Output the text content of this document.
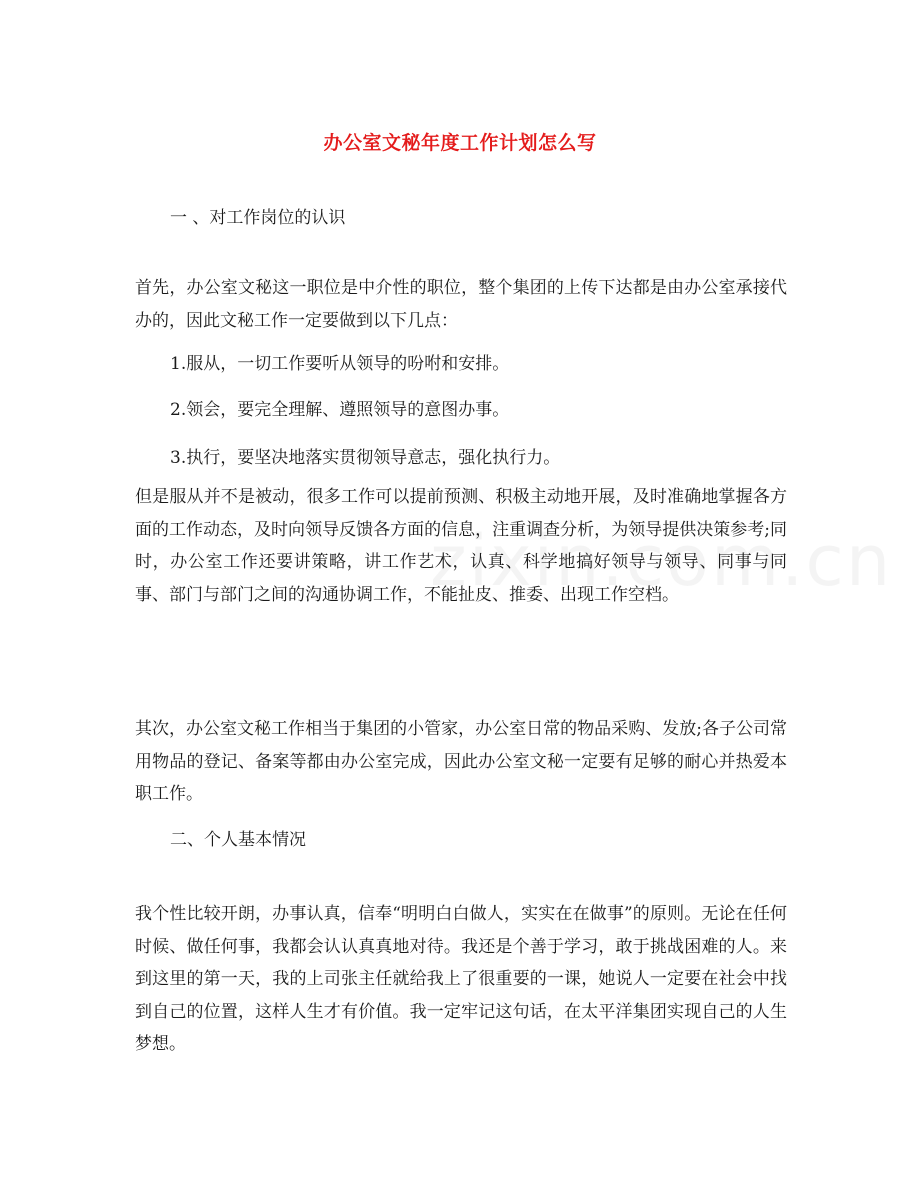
办公室文秘年度工作计划怎么写
一 、对工作岗位的认识
首先，办公室文秘这一职位是中介性的职位，整个集团的上传下达都是由办公室承接代办的，因此文秘工作一定要做到以下几点：
1.服从，一切工作要听从领导的吩咐和安排。
2.领会，要完全理解、遵照领导的意图办事。
3.执行，要坚决地落实贯彻领导意志，强化执行力。
但是服从并不是被动，很多工作可以提前预测、积极主动地开展，及时准确地掌握各方面的工作动态，及时向领导反馈各方面的信息，注重调查分析，为领导提供决策参考;同时，办公室工作还要讲策略，讲工作艺术，认真、科学地搞好领导与领导、同事与同事、部门与部门之间的沟通协调工作，不能扯皮、推委、出现工作空档。
其次，办公室文秘工作相当于集团的小管家，办公室日常的物品采购、发放;各子公司常用物品的登记、备案等都由办公室完成，因此办公室文秘一定要有足够的耐心并热爱本职工作。
二、个人基本情况
我个性比较开朗，办事认真，信奉“明明白白做人，实实在在做事”的原则。无论在任何时候、做任何事，我都会认认真真地对待。我还是个善于学习，敢于挑战困难的人。来到这里的第一天，我的上司张主任就给我上了很重要的一课，她说人一定要在社会中找到自己的位置，这样人生才有价值。我一定牢记这句话，在太平洋集团实现自己的人生梦想。
